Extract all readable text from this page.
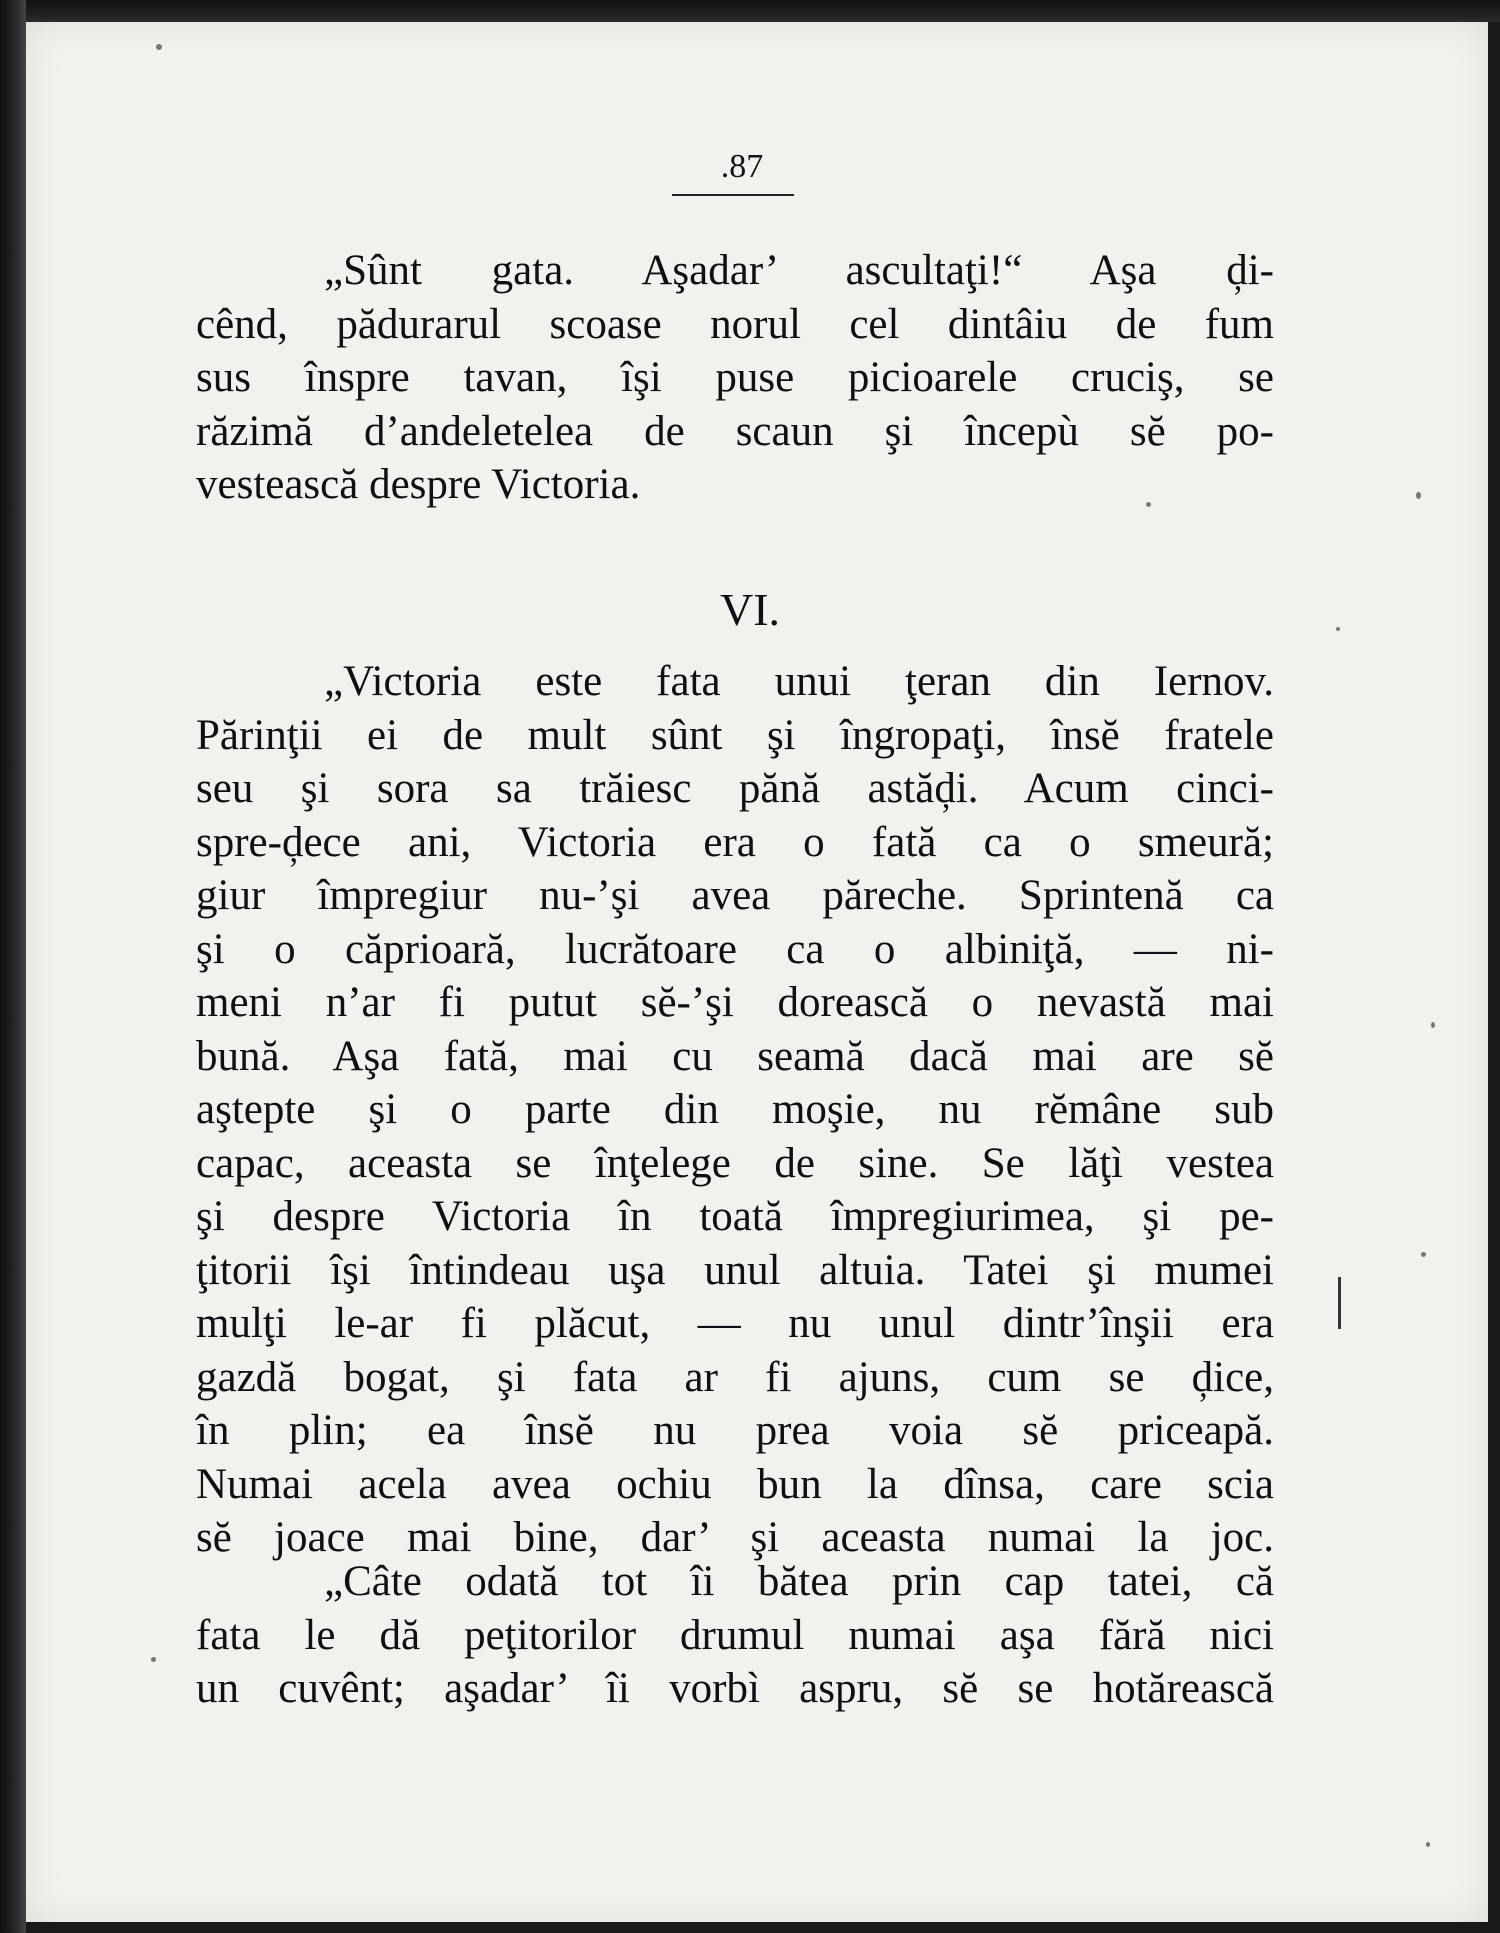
.87
„Sûnt gata. Aşadar’ ascultaţi!“ Aşa ḑi-
cênd, pădurarul scoase norul cel dintâiu de fum
sus înspre tavan, îşi puse picioarele cruciş, se
răzimă d’andeletelea de scaun şi începù sĕ po-
vestească despre Victoria.
VI.
„Victoria este fata unui ţeran din Iernov.
Părinţii ei de mult sûnt şi îngropaţi, însĕ fratele
seu şi sora sa trăiesc pănă astăḑi. Acum cinci-
spre-ḑece ani, Victoria era o fată ca o smeură;
giur împregiur nu-’şi avea păreche. Sprintenă ca
şi o căprioară, lucrătoare ca o albiniţă, — ni-
meni n’ar fi putut sĕ-’şi dorească o nevastă mai
bună. Aşa fată, mai cu seamă dacă mai are sĕ
aştepte şi o parte din moşie, nu rĕmâne sub
capac, aceasta se înţelege de sine. Se lăţì vestea
şi despre Victoria în toată împregiurimea, şi pe-
ţitorii îşi întindeau uşa unul altuia. Tatei şi mumei
mulţi le-ar fi plăcut, — nu unul dintr’înşii era
gazdă bogat, şi fata ar fi ajuns, cum se ḑice,
în plin; ea însĕ nu prea voia sĕ priceapă.
Numai acela avea ochiu bun la dînsa, care scia
sĕ joace mai bine, dar’ şi aceasta numai la joc.
„Câte odată tot îi bătea prin cap tatei, că
fata le dă peţitorilor drumul numai aşa fără nici
un cuvênt; aşadar’ îi vorbì aspru, sĕ se hotărească
